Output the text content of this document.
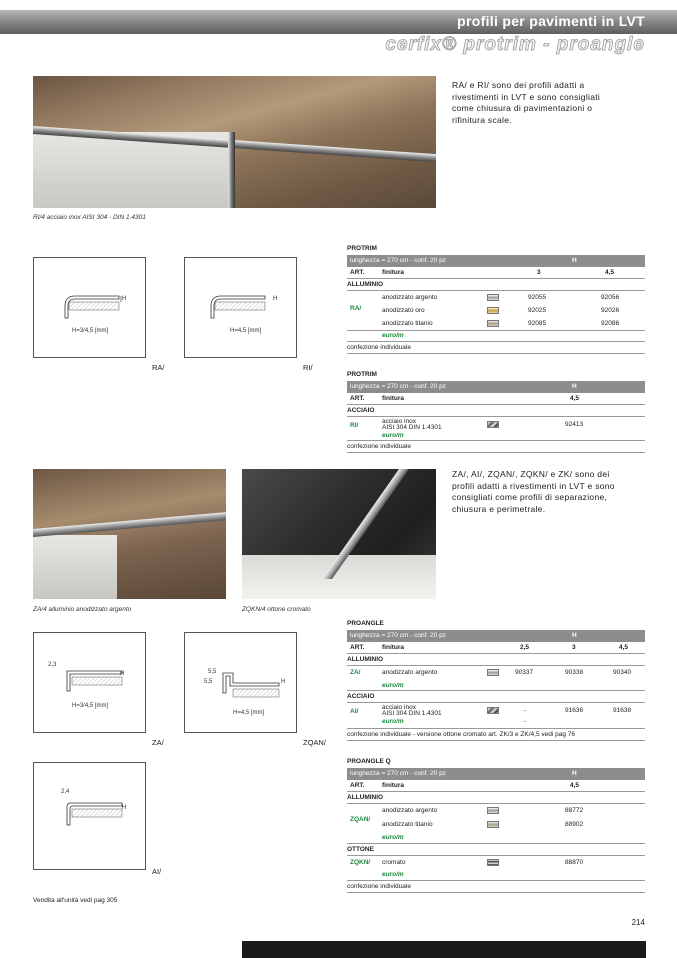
profili per pavimenti in LVT
cerfix® protrim - proangle
RI/4 acciaio inox AISI 304 - DIN 1.4301
RA/ e RI/ sono dei profili adatti a
rivestimenti in LVT e sono consigliati
come chiusura di pavimentazioni o
rifinitura scale.
H
H=3/4,5 [mm]
RA/
H
H=4,5 [mm]
RI/
PROTRIM
lunghezza = 270 cm - conf. 20 pz	H
ART.	finitura	3	4,5
ALLUMINIO
RA/
anodizzato argento	92055	92056
anodizzato oro	92025	92026
anodizzato titanio	92085	92086
euro/m
confezione individuale
PROTRIM
lunghezza = 270 cm - conf. 20 pz	H
ART.	finitura	4,5
ACCIAIO
RI/
acciaio inox
AISI 304 DIN 1.4301	92413
euro/m
confezione individuale
ZA/4 alluminio anodizzato argento	ZQKN/4 ottone cromato
ZA/, AI/, ZQAN/, ZQKN/ e ZK/ sono dei
profili adatti a rivestimenti in LVT e sono
consigliati come profili di separazione,
chiusura e perimetrale.
2,3
H
H=3/4,5 [mm]
ZA/
5,5
5,5	H
H=4,5 [mm]
ZQAN/
2,4
H
AI/
PROANGLE
lunghezza = 270 cm - conf. 20 pz	H
ART.	finitura	2,5	3	4,5
ALLUMINIO
ZA/	anodizzato argento	90337	90338	90340
euro/m
ACCIAIO
AI/
acciaio inox
AISI 304 DIN 1.4301	-	91636	91638
euro/m	-
confezione individuale - versione ottone cromato art. ZK/3 e ZK/4,5 vedi pag 76
PROANGLE Q
lunghezza = 270 cm - conf. 20 pz	H
ART.	finitura	4,5
ALLUMINIO
ZQAN/
anodizzato argento	88772
anodizzato titanio	88902
euro/m
OTTONE
ZQKN/ cromato	88870
euro/m
confezione individuale
Vendita all'unità vedi pag 305
214
